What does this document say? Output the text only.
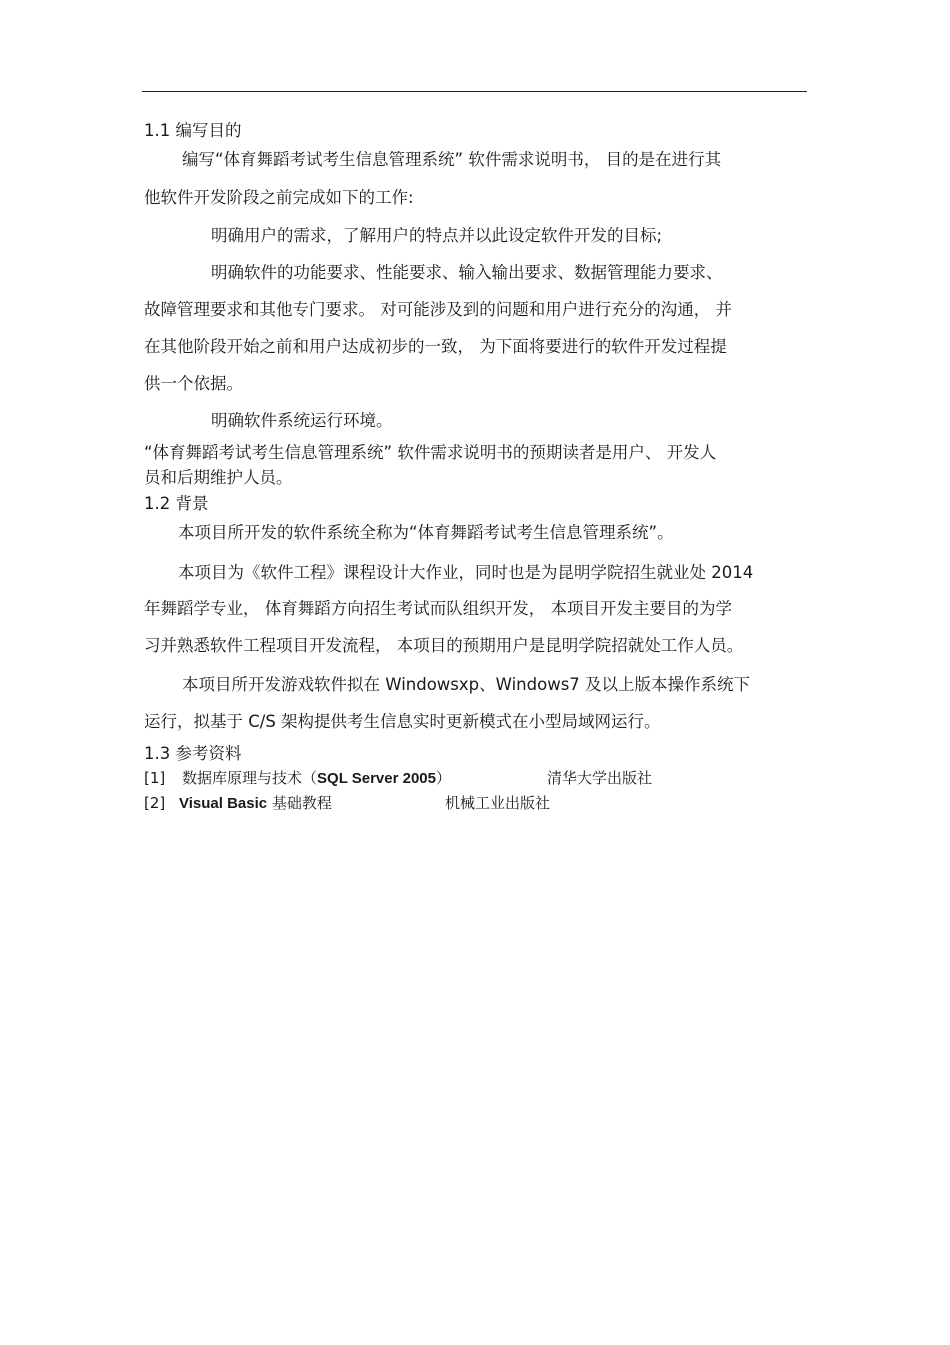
1.1 编写目的
编写“体育舞蹈考试考生信息管理系统” 软件需求说明书， 目的是在进行其
他软件开发阶段之前完成如下的工作:
明确用户的需求，了解用户的特点并以此设定软件开发的目标;
明确软件的功能要求、性能要求、输入输出要求、数据管理能力要求、
故障管理要求和其他专门要求。 对可能涉及到的问题和用户进行充分的沟通， 并
在其他阶段开始之前和用户达成初步的一致， 为下面将要进行的软件开发过程提
供一个依据。
明确软件系统运行环境。
“体育舞蹈考试考生信息管理系统” 软件需求说明书的预期读者是用户、 开发人
员和后期维护人员。
1.2 背景
本项目所开发的软件系统全称为“体育舞蹈考试考生信息管理系统”。
本项目为《软件工程》课程设计大作业，同时也是为昆明学院招生就业处 2014
年舞蹈学专业， 体育舞蹈方向招生考试而队组织开发， 本项目开发主要目的为学
习并熟悉软件工程项目开发流程， 本项目的预期用户是昆明学院招就处工作人员。
本项目所开发游戏软件拟在 Windowsxp、Windows7 及以上版本操作系统下
运行，拟基于 C/S 架构提供考生信息实时更新模式在小型局域网运行。
1.3 参考资料
[1] 数据库原理与技术（SQL Server 2005）	清华大学出版社
[2] Visual Basic 基础教程	机械工业出版社
